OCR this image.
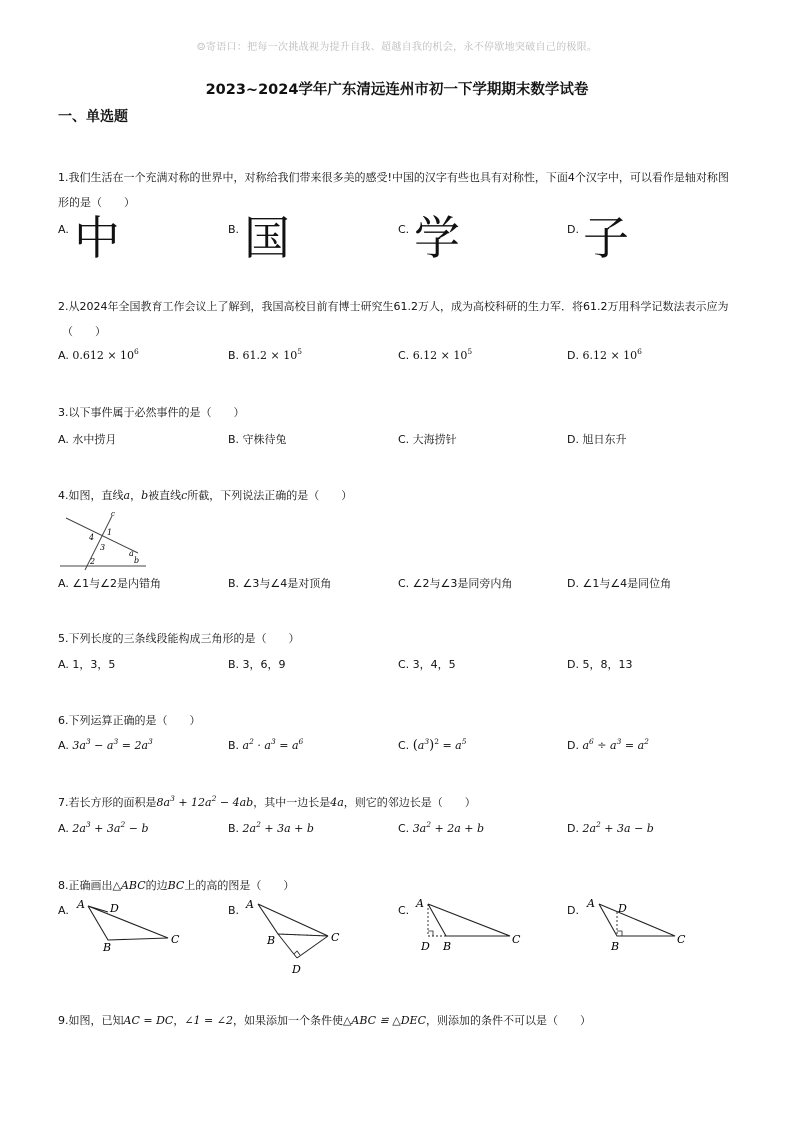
☺寄语口：把每一次挑战视为提升自我、超越自我的机会，永不停歇地突破自己的极限。
2023~2024学年广东清远连州市初一下学期期末数学试卷
一、单选题
1.我们生活在一个充满对称的世界中，对称给我们带来很多美的感受!中国的汉字有些也具有对称性，下面4个汉字中，可以看作是轴对称图
形的是（　　）
A. 中	B. 国	C. 学	D. 子
2.从2024年全国教育工作会议上了解到，我国高校目前有博士研究生61.2万人，成为高校科研的生力军．将61.2万用科学记数法表示应为
（　　）
A. $0.612 \times 10^6$	B. $61.2 \times 10^5$	C. $6.12 \times 10^5$	D. $6.12 \times 10^6$
3.以下事件属于必然事件的是（　　）
A. 水中捞月	B. 守株待兔	C. 大海捞针	D. 旭日东升
4.如图，直线a，b被直线c所截，下列说法正确的是（　　）
c
1
4
3
a
2	b
A. ∠1与∠2是内错角	B. ∠3与∠4是对顶角	C. ∠2与∠3是同旁内角	D. ∠1与∠4是同位角
5.下列长度的三条线段能构成三角形的是（　　）
A. 1，3，5	B. 3，6，9	C. 3，4，5	D. 5，8，13
6.下列运算正确的是（　　）
A. $3a^3 - a^3 = 2a^3$	B. $a^2 \cdot a^3 = a^6$	C. $(a^3)^2 = a^5$	D. $a^6 \div a^3 = a^2$
7.若长方形的面积是$8a^3 + 12a^2 - 4ab$，其中一边长是4a，则它的邻边长是（　　）
A. $2a^3 + 3a^2 - b$	B. $2a^2 + 3a + b$	C. $3a^2 + 2a + b$	D. $2a^2 + 3a - b$
8.正确画出△ABC的边BC上的高的图是（　　）
A. A
B
C
D	B. A
B	C
D
C.
A
D B
C
D.
A D
B
C
9.如图，已知AC = DC，∠1 = ∠2，如果添加一个条件使△ABC ≌ △DEC，则添加的条件不可以是（　　）
